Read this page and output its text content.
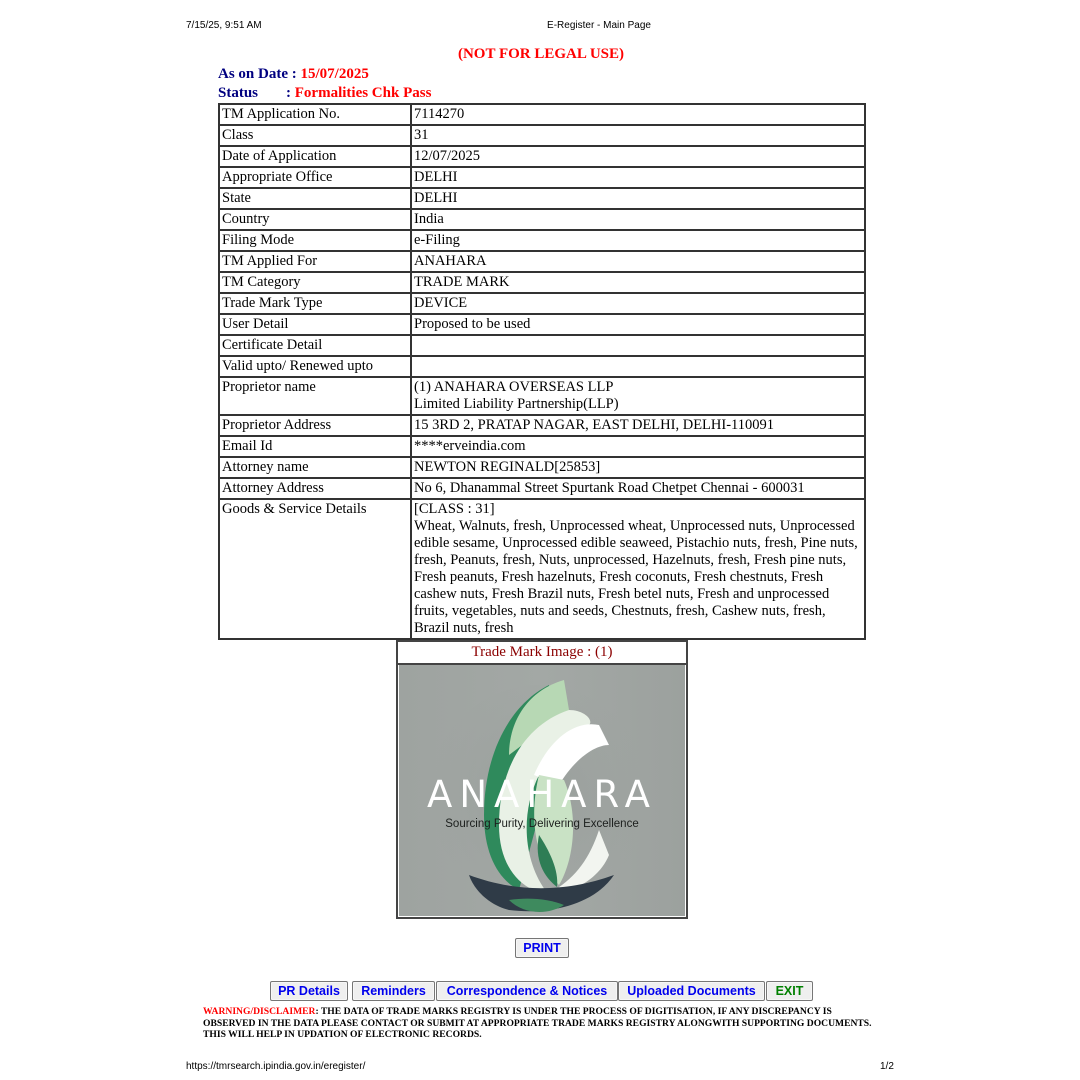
7/15/25, 9:51 AM	E-Register - Main Page
(NOT FOR LEGAL USE)
As on Date : 15/07/2025
Status : Formalities Chk Pass
TM Application No.	7114270
Class	31
Date of Application	12/07/2025
Appropriate Office	DELHI
State	DELHI
Country	India
Filing Mode	e-Filing
TM Applied For	ANAHARA
TM Category	TRADE MARK
Trade Mark Type	DEVICE
User Detail	Proposed to be used
Certificate Detail	
Valid upto/ Renewed upto	
Proprietor name	(1) ANAHARA OVERSEAS LLP
Limited Liability Partnership(LLP)

Proprietor Address	15 3RD 2, PRATAP NAGAR, EAST DELHI, DELHI-110091
Email Id	****erveindia.com
Attorney name	NEWTON REGINALD[25853]
Attorney Address	No 6, Dhanammal Street Spurtank Road Chetpet Chennai - 600031
Goods & Service Details	[CLASS : 31]
Wheat, Walnuts, fresh, Unprocessed wheat, Unprocessed nuts, Unprocessed edible sesame, Unprocessed edible seaweed, Pistachio nuts, fresh, Pine nuts, fresh, Peanuts, fresh, Nuts, unprocessed, Hazelnuts, fresh, Fresh pine nuts, Fresh peanuts, Fresh hazelnuts, Fresh coconuts, Fresh chestnuts, Fresh cashew nuts, Fresh Brazil nuts, Fresh betel nuts, Fresh and unprocessed fruits, vegetables, nuts and seeds, Chestnuts, fresh, Cashew nuts, fresh, Brazil nuts, fresh
Trade Mark Image : (1)
ANAHARA
Sourcing Purity, Delivering Excellence
PRINT
PR Details	Reminders	Correspondence & Notices	Uploaded Documents	EXIT
WARNING/DISCLAIMER: THE DATA OF TRADE MARKS REGISTRY IS UNDER THE PROCESS OF DIGITISATION, IF ANY DISCREPANCY IS OBSERVED IN THE DATA PLEASE CONTACT OR SUBMIT AT APPROPRIATE TRADE MARKS REGISTRY ALONGWITH SUPPORTING DOCUMENTS. THIS WILL HELP IN UPDATION OF ELECTRONIC RECORDS.
https://tmrsearch.ipindia.gov.in/eregister/	1/2
